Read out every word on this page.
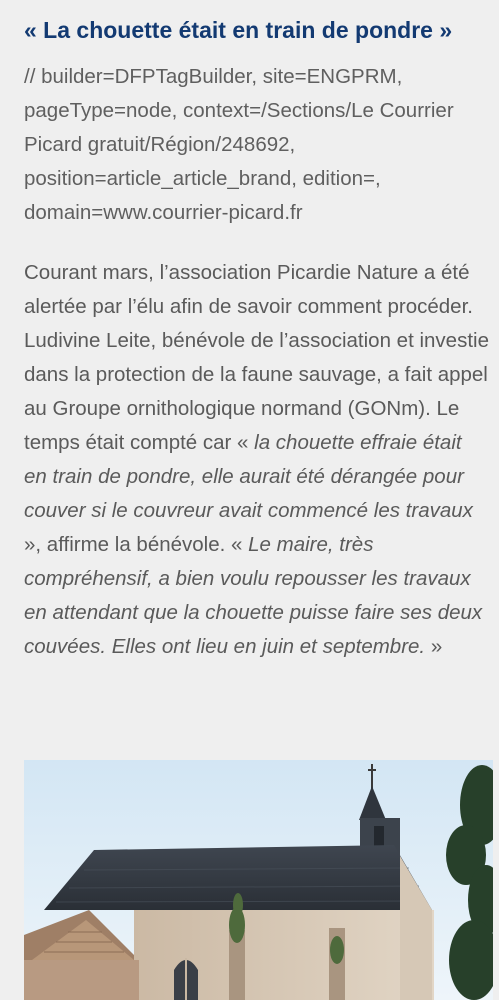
« La chouette était en train de pondre »

// builder=DFPTagBuilder, site=ENGPRM, pageType=node, context=/Sections/Le Courrier Picard gratuit/Région/248692, position=article_article_brand, edition=, domain=www.courrier-picard.fr

Courant mars, l’association Picardie Nature a été alertée par l’élu afin de savoir comment procéder. Ludivine Leite, bénévole de l’association et investie dans la protection de la faune sauvage, a fait appel au Groupe ornithologique normand (GONm). Le temps était compté car « la chouette effraie était en train de pondre, elle aurait été dérangée pour couver si le couvreur avait commencé les travaux », affirme la bénévole. « Le maire, très compréhensif, a bien voulu repousser les travaux en attendant que la chouette puisse faire ses deux couvées. Elles ont lieu en juin et septembre. »
